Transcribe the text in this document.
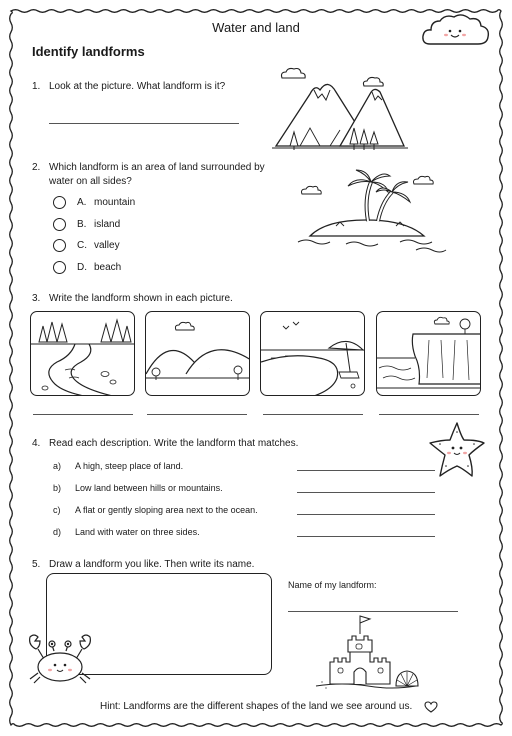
Water and land
Identify landforms
1. Look at the picture. What landform is it?
2. Which landform is an area of land surrounded by
water on all sides?
A. mountain
B. island
C. valley
D. beach
3. Write the landform shown in each picture.
4. Read each description. Write the landform that matches.
a) A high, steep place of land.
b) Low land between hills or mountains.
c) A flat or gently sloping area next to the ocean.
d) Land with water on three sides.
5. Draw a landform you like. Then write its name.
Name of my landform:
Hint: Landforms are the different shapes of the land we see around us.
